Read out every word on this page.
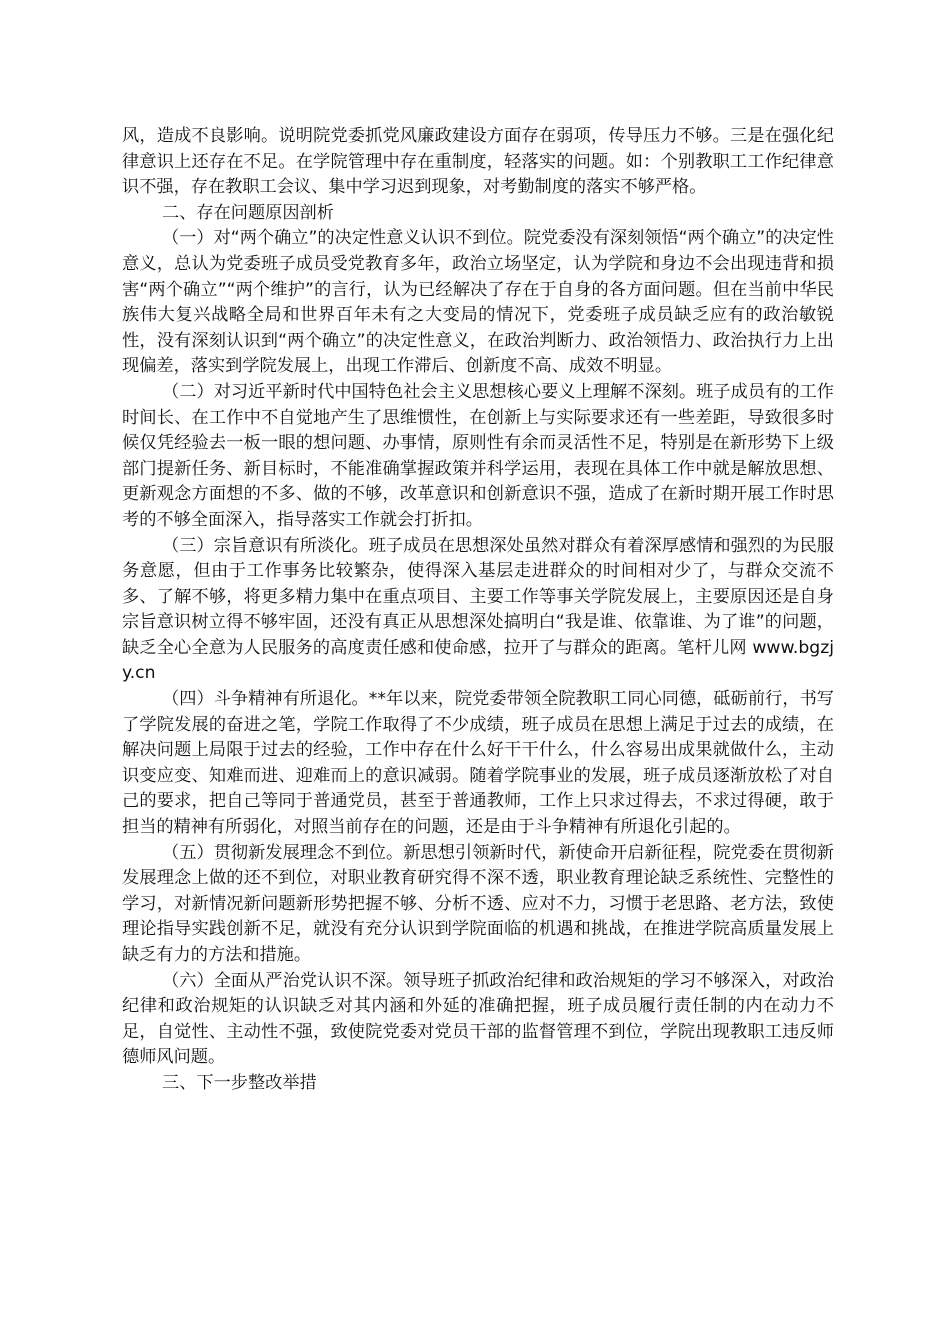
风，造成不良影响。说明院党委抓党风廉政建设方面存在弱项，传导压力不够。三是在强化纪律意识上还存在不足。在学院管理中存在重制度，轻落实的问题。如：个别教职工工作纪律意识不强，存在教职工会议、集中学习迟到现象，对考勤制度的落实不够严格。

二、存在问题原因剖析

（一）对“两个确立”的决定性意义认识不到位。院党委没有深刻领悟“两个确立”的决定性意义，总认为党委班子成员受党教育多年，政治立场坚定，认为学院和身边不会出现违背和损害“两个确立”“两个维护”的言行，认为已经解决了存在于自身的各方面问题。但在当前中华民族伟大复兴战略全局和世界百年未有之大变局的情况下，党委班子成员缺乏应有的政治敏锐性，没有深刻认识到“两个确立”的决定性意义，在政治判断力、政治领悟力、政治执行力上出现偏差，落实到学院发展上，出现工作滞后、创新度不高、成效不明显。

（二）对习近平新时代中国特色社会主义思想核心要义上理解不深刻。班子成员有的工作时间长、在工作中不自觉地产生了思维惯性，在创新上与实际要求还有一些差距，导致很多时候仅凭经验去一板一眼的想问题、办事情，原则性有余而灵活性不足，特别是在新形势下上级部门提新任务、新目标时，不能准确掌握政策并科学运用，表现在具体工作中就是解放思想、更新观念方面想的不多、做的不够，改革意识和创新意识不强，造成了在新时期开展工作时思考的不够全面深入，指导落实工作就会打折扣。

（三）宗旨意识有所淡化。班子成员在思想深处虽然对群众有着深厚感情和强烈的为民服务意愿，但由于工作事务比较繁杂，使得深入基层走进群众的时间相对少了，与群众交流不多、了解不够，将更多精力集中在重点项目、主要工作等事关学院发展上，主要原因还是自身宗旨意识树立得不够牢固，还没有真正从思想深处搞明白“我是谁、依靠谁、为了谁”的问题，缺乏全心全意为人民服务的高度责任感和使命感，拉开了与群众的距离。笔杆儿网 www.bgzjy.cn

（四）斗争精神有所退化。**年以来，院党委带领全院教职工同心同德，砥砺前行，书写了学院发展的奋进之笔，学院工作取得了不少成绩，班子成员在思想上满足于过去的成绩，在解决问题上局限于过去的经验，工作中存在什么好干干什么，什么容易出成果就做什么，主动识变应变、知难而进、迎难而上的意识减弱。随着学院事业的发展，班子成员逐渐放松了对自己的要求，把自己等同于普通党员，甚至于普通教师，工作上只求过得去，不求过得硬，敢于担当的精神有所弱化，对照当前存在的问题，还是由于斗争精神有所退化引起的。

（五）贯彻新发展理念不到位。新思想引领新时代，新使命开启新征程，院党委在贯彻新发展理念上做的还不到位，对职业教育研究得不深不透，职业教育理论缺乏系统性、完整性的学习，对新情况新问题新形势把握不够、分析不透、应对不力，习惯于老思路、老方法，致使理论指导实践创新不足，就没有充分认识到学院面临的机遇和挑战，在推进学院高质量发展上缺乏有力的方法和措施。

（六）全面从严治党认识不深。领导班子抓政治纪律和政治规矩的学习不够深入，对政治纪律和政治规矩的认识缺乏对其内涵和外延的准确把握，班子成员履行责任制的内在动力不足，自觉性、主动性不强，致使院党委对党员干部的监督管理不到位，学院出现教职工违反师德师风问题。

三、下一步整改举措
